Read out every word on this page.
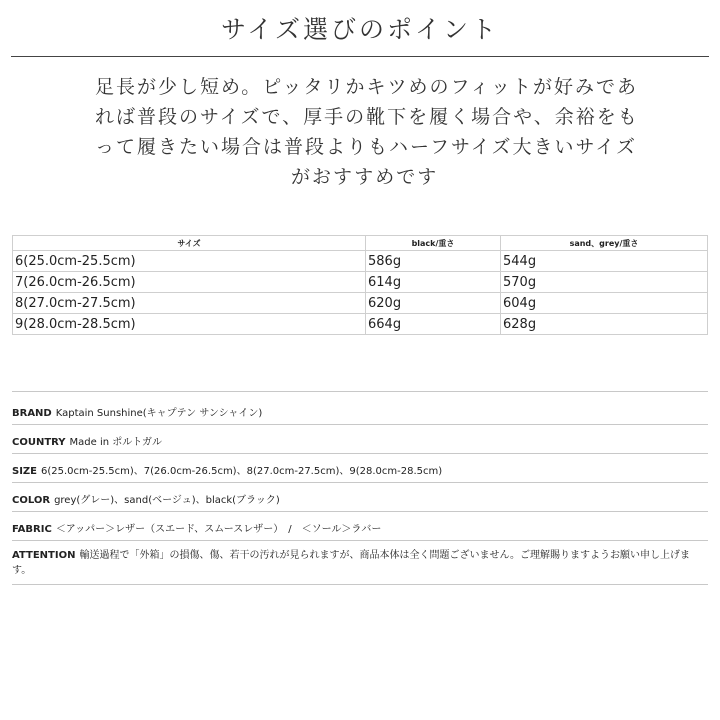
サイズ選びのポイント
足長が少し短め。ピッタリかキツめのフィットが好みであ
れば普段のサイズで、厚手の靴下を履く場合や、余裕をも
って履きたい場合は普段よりもハーフサイズ大きいサイズ
がおすすめです
サイズ	black/重さ	sand、grey/重さ
6(25.0cm-25.5cm)	586g	544g
7(26.0cm-26.5cm)	614g	570g
8(27.0cm-27.5cm)	620g	604g
9(28.0cm-28.5cm)	664g	628g
BRAND Kaptain Sunshine(キャプテン サンシャイン)
COUNTRY Made in ポルトガル
SIZE 6(25.0cm-25.5cm)、7(26.0cm-26.5cm)、8(27.0cm-27.5cm)、9(28.0cm-28.5cm)
COLOR grey(グレー)、sand(ベージュ)、black(ブラック)
FABRIC ＜アッパー＞レザー（スエード、スムースレザー）　/　＜ソール＞ラバー
ATTENTION 輸送過程で「外箱」の損傷、傷、若干の汚れが見られますが、商品本体は全く問題ございません。ご理解賜りますようお願い申し上げます。
